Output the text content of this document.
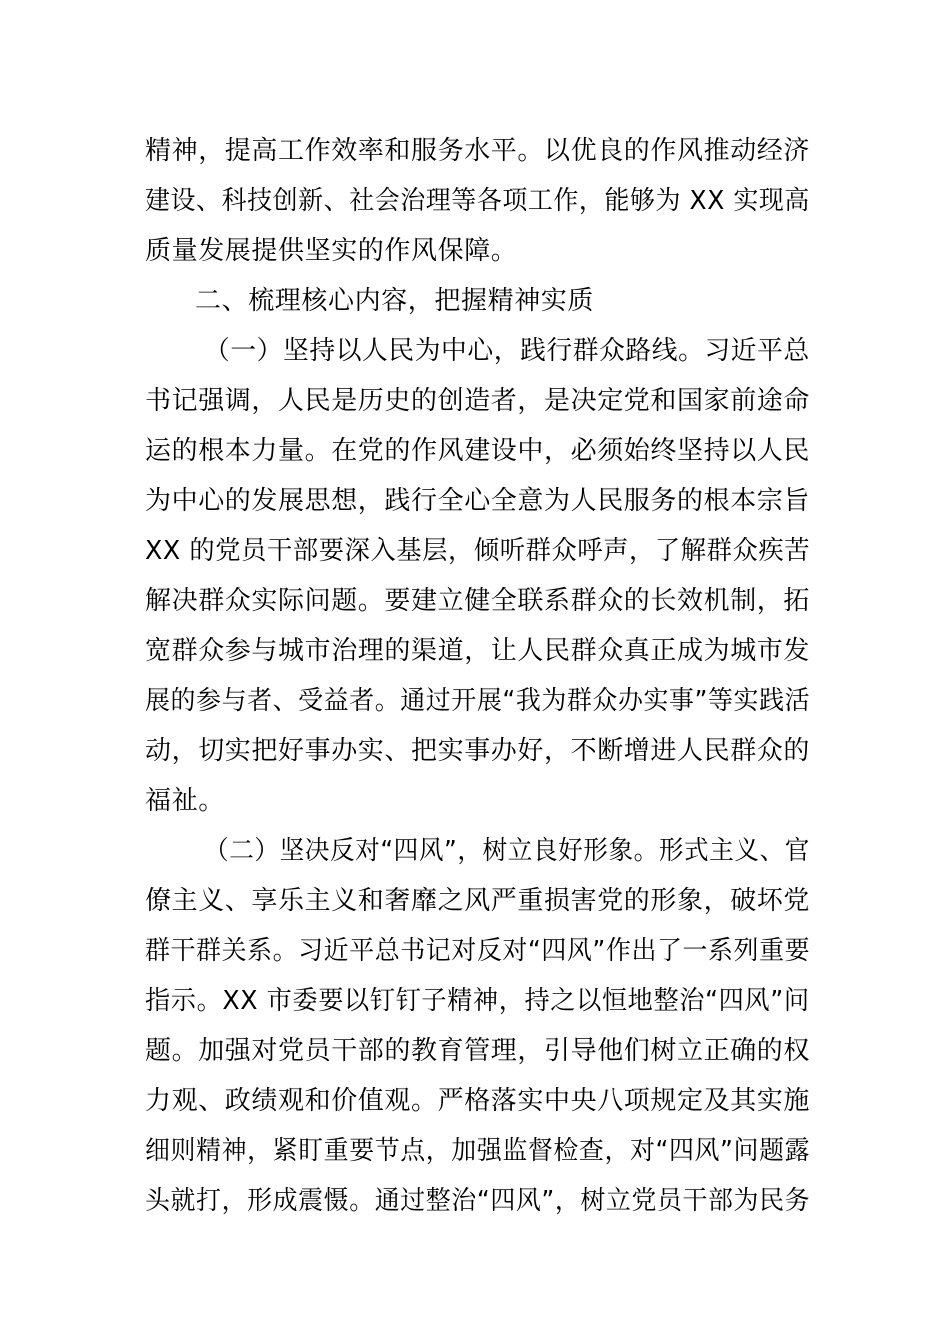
精神，提高工作效率和服务水平。以优良的作风推动经济
建设、科技创新、社会治理等各项工作，能够为 XX 实现高
质量发展提供坚实的作风保障。
二、梳理核心内容，把握精神实质
（一）坚持以人民为中心，践行群众路线。习近平总
书记强调，人民是历史的创造者，是决定党和国家前途命
运的根本力量。在党的作风建设中，必须始终坚持以人民
为中心的发展思想，践行全心全意为人民服务的根本宗旨
XX 的党员干部要深入基层，倾听群众呼声，了解群众疾苦
解决群众实际问题。要建立健全联系群众的长效机制，拓
宽群众参与城市治理的渠道，让人民群众真正成为城市发
展的参与者、受益者。通过开展“我为群众办实事”等实践活
动，切实把好事办实、把实事办好，不断增进人民群众的
福祉。
（二）坚决反对“四风”，树立良好形象。形式主义、官
僚主义、享乐主义和奢靡之风严重损害党的形象，破坏党
群干群关系。习近平总书记对反对“四风”作出了一系列重要
指示。XX 市委要以钉钉子精神，持之以恒地整治“四风”问
题。加强对党员干部的教育管理，引导他们树立正确的权
力观、政绩观和价值观。严格落实中央八项规定及其实施
细则精神，紧盯重要节点，加强监督检查，对“四风”问题露
头就打，形成震慑。通过整治“四风”，树立党员干部为民务
